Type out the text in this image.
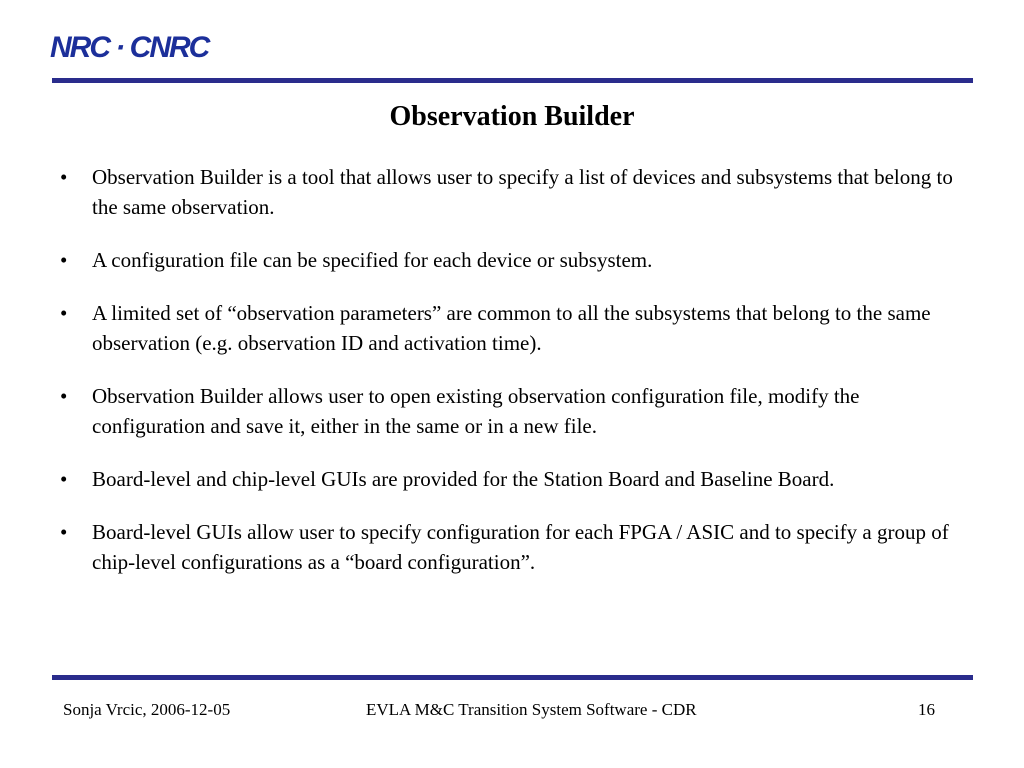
NRC · CNRC
Observation Builder
•	Observation Builder is a tool that allows user to specify a list of devices and subsystems that belong to the same observation.
•	A configuration file can be specified for each device or subsystem.
•	A limited set of “observation parameters” are common to all the subsystems that belong to the same observation (e.g. observation ID and activation time).
•	Observation Builder allows user to open existing observation configuration file, modify the configuration and save it, either in the same or in a new file.
•	Board-level and chip-level GUIs are provided for the Station Board and Baseline Board.
•	Board-level GUIs allow user to specify configuration for each FPGA / ASIC and to specify a group of chip-level configurations as a “board configuration”.
Sonja Vrcic, 2006-12-05	EVLA M&C Transition System Software - CDR	16
